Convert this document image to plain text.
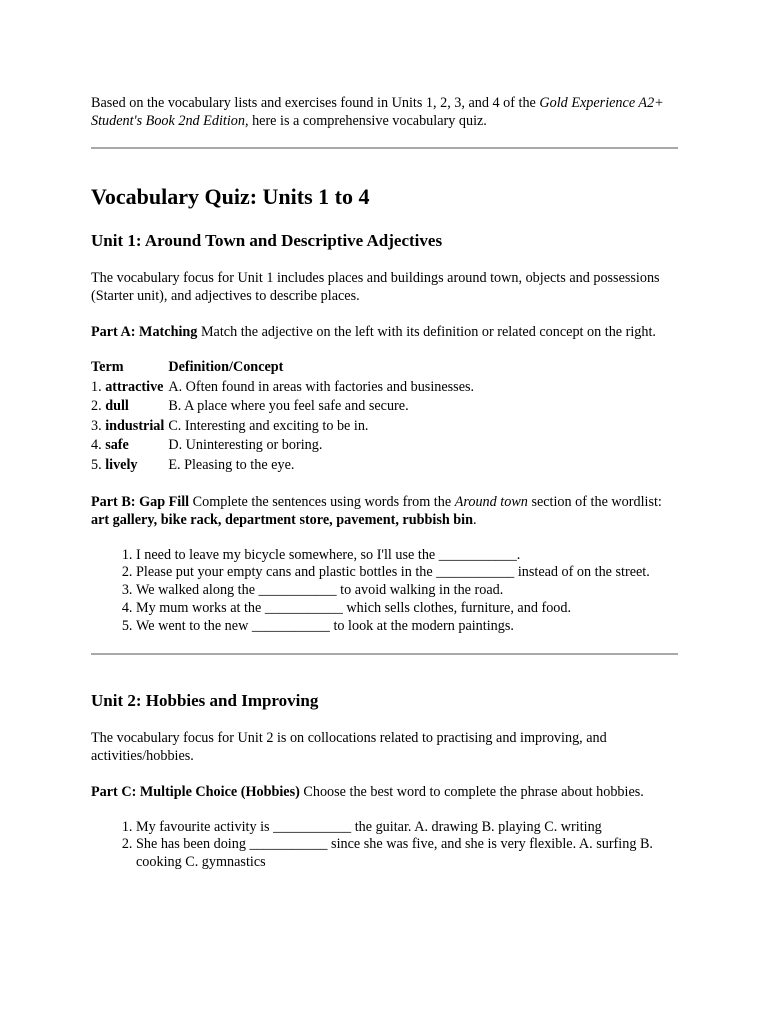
Based on the vocabulary lists and exercises found in Units 1, 2, 3, and 4 of the Gold Experience A2+ Student's Book 2nd Edition, here is a comprehensive vocabulary quiz.

Vocabulary Quiz: Units 1 to 4
Unit 1: Around Town and Descriptive Adjectives

The vocabulary focus for Unit 1 includes places and buildings around town, objects and possessions (Starter unit), and adjectives to describe places.

Part A: Matching Match the adjective on the left with its definition or related concept on the right.

Term	Definition/Concept
1. attractive	A. Often found in areas with factories and businesses.
2. dull	B. A place where you feel safe and secure.
3. industrial	C. Interesting and exciting to be in.
4. safe	D. Uninteresting or boring.
5. lively	E. Pleasing to the eye.

Part B: Gap Fill Complete the sentences using words from the Around town section of the wordlist: art gallery, bike rack, department store, pavement, rubbish bin.

1. I need to leave my bicycle somewhere, so I'll use the ___________.
2. Please put your empty cans and plastic bottles in the ___________ instead of on the street.
3. We walked along the ___________ to avoid walking in the road.
4. My mum works at the ___________ which sells clothes, furniture, and food.
5. We went to the new ___________ to look at the modern paintings.
Unit 2: Hobbies and Improving

The vocabulary focus for Unit 2 is on collocations related to practising and improving, and activities/hobbies.

Part C: Multiple Choice (Hobbies) Choose the best word to complete the phrase about hobbies.

1. My favourite activity is ___________ the guitar. A. drawing B. playing C. writing
2. She has been doing ___________ since she was five, and she is very flexible. A. surfing B. cooking C. gymnastics
